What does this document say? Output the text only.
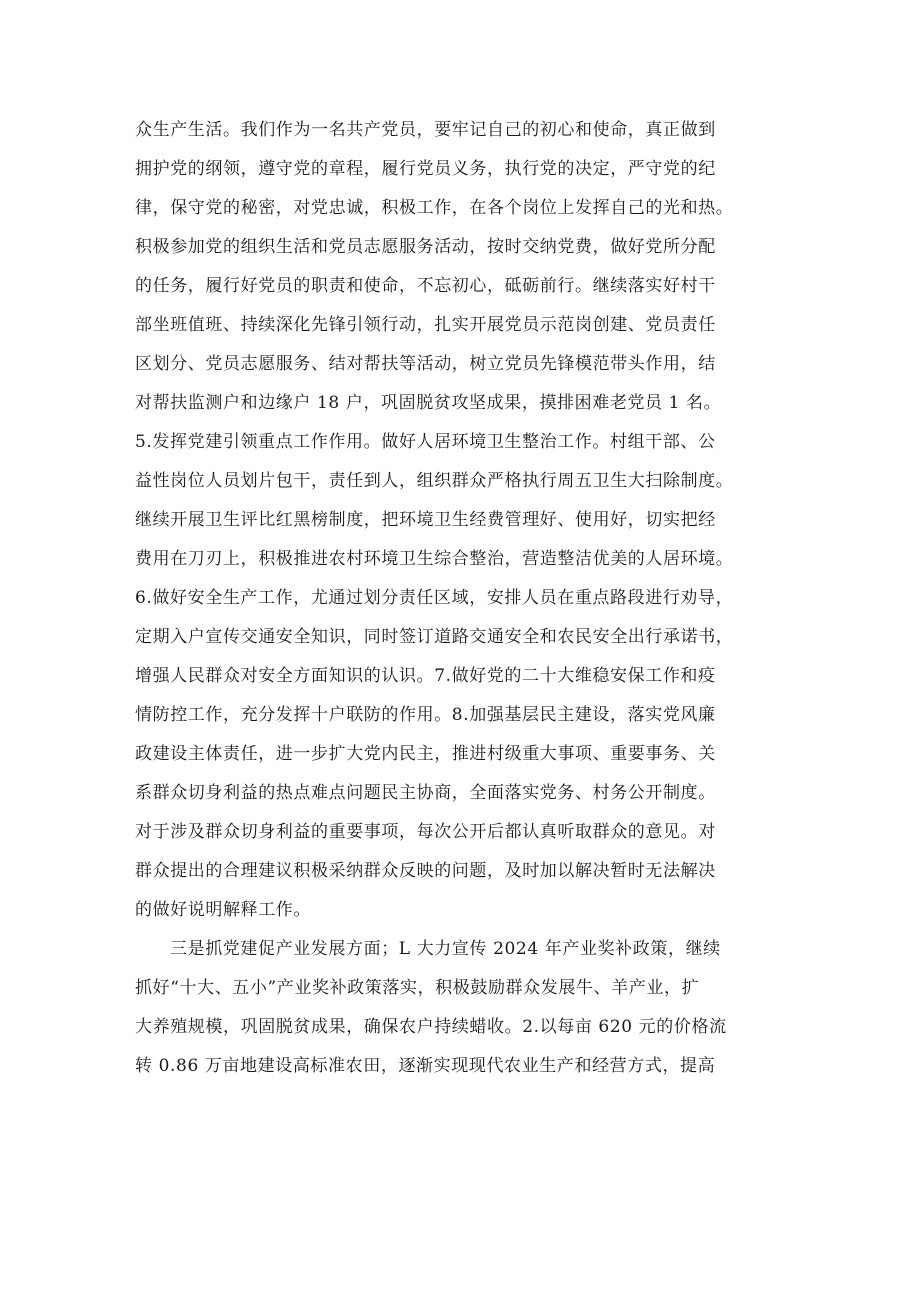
众生产生活。我们作为一名共产党员，要牢记自己的初心和使命，真正做到
拥护党的纲领，遵守党的章程，履行党员义务，执行党的决定，严守党的纪
律，保守党的秘密，对党忠诚，积极工作，在各个岗位上发挥自己的光和热。
积极参加党的组织生活和党员志愿服务活动，按时交纳党费，做好党所分配
的任务，履行好党员的职责和使命，不忘初心，砥砺前行。继续落实好村干
部坐班值班、持续深化先锋引领行动，扎实开展党员示范岗创建、党员责任
区划分、党员志愿服务、结对帮扶等活动，树立党员先锋模范带头作用，结
对帮扶监测户和边缘户 18 户，巩固脱贫攻坚成果，摸排困难老党员 1 名。
5.发挥党建引领重点工作作用。做好人居环境卫生整治工作。村组干部、公
益性岗位人员划片包干，责任到人，组织群众严格执行周五卫生大扫除制度。
继续开展卫生评比红黑榜制度，把环境卫生经费管理好、使用好，切实把经
费用在刀刃上，积极推进农村环境卫生综合整治，营造整洁优美的人居环境。
6.做好安全生产工作，尤通过划分责任区域，安排人员在重点路段进行劝导，
定期入户宣传交通安全知识，同时签订道路交通安全和农民安全出行承诺书，
增强人民群众对安全方面知识的认识。7.做好党的二十大维稳安保工作和疫
情防控工作，充分发挥十户联防的作用。8.加强基层民主建设，落实党风廉
政建设主体责任，进一步扩大党内民主，推进村级重大事项、重要事务、关
系群众切身利益的热点难点问题民主协商，全面落实党务、村务公开制度。
对于涉及群众切身利益的重要事项，每次公开后都认真听取群众的意见。对
群众提出的合理建议积极采纳群众反映的问题，及时加以解决暂时无法解决
的做好说明解释工作。
三是抓党建促产业发展方面；L 大力宣传 2024 年产业奖补政策，继续
抓好“十大、五小”产业奖补政策落实，积极鼓励群众发展牛、羊产业，扩
大养殖规模，巩固脱贫成果，确保农户持续蜡收。2.以每亩 620 元的价格流
转 0.86 万亩地建设高标准农田，逐渐实现现代农业生产和经营方式，提高
